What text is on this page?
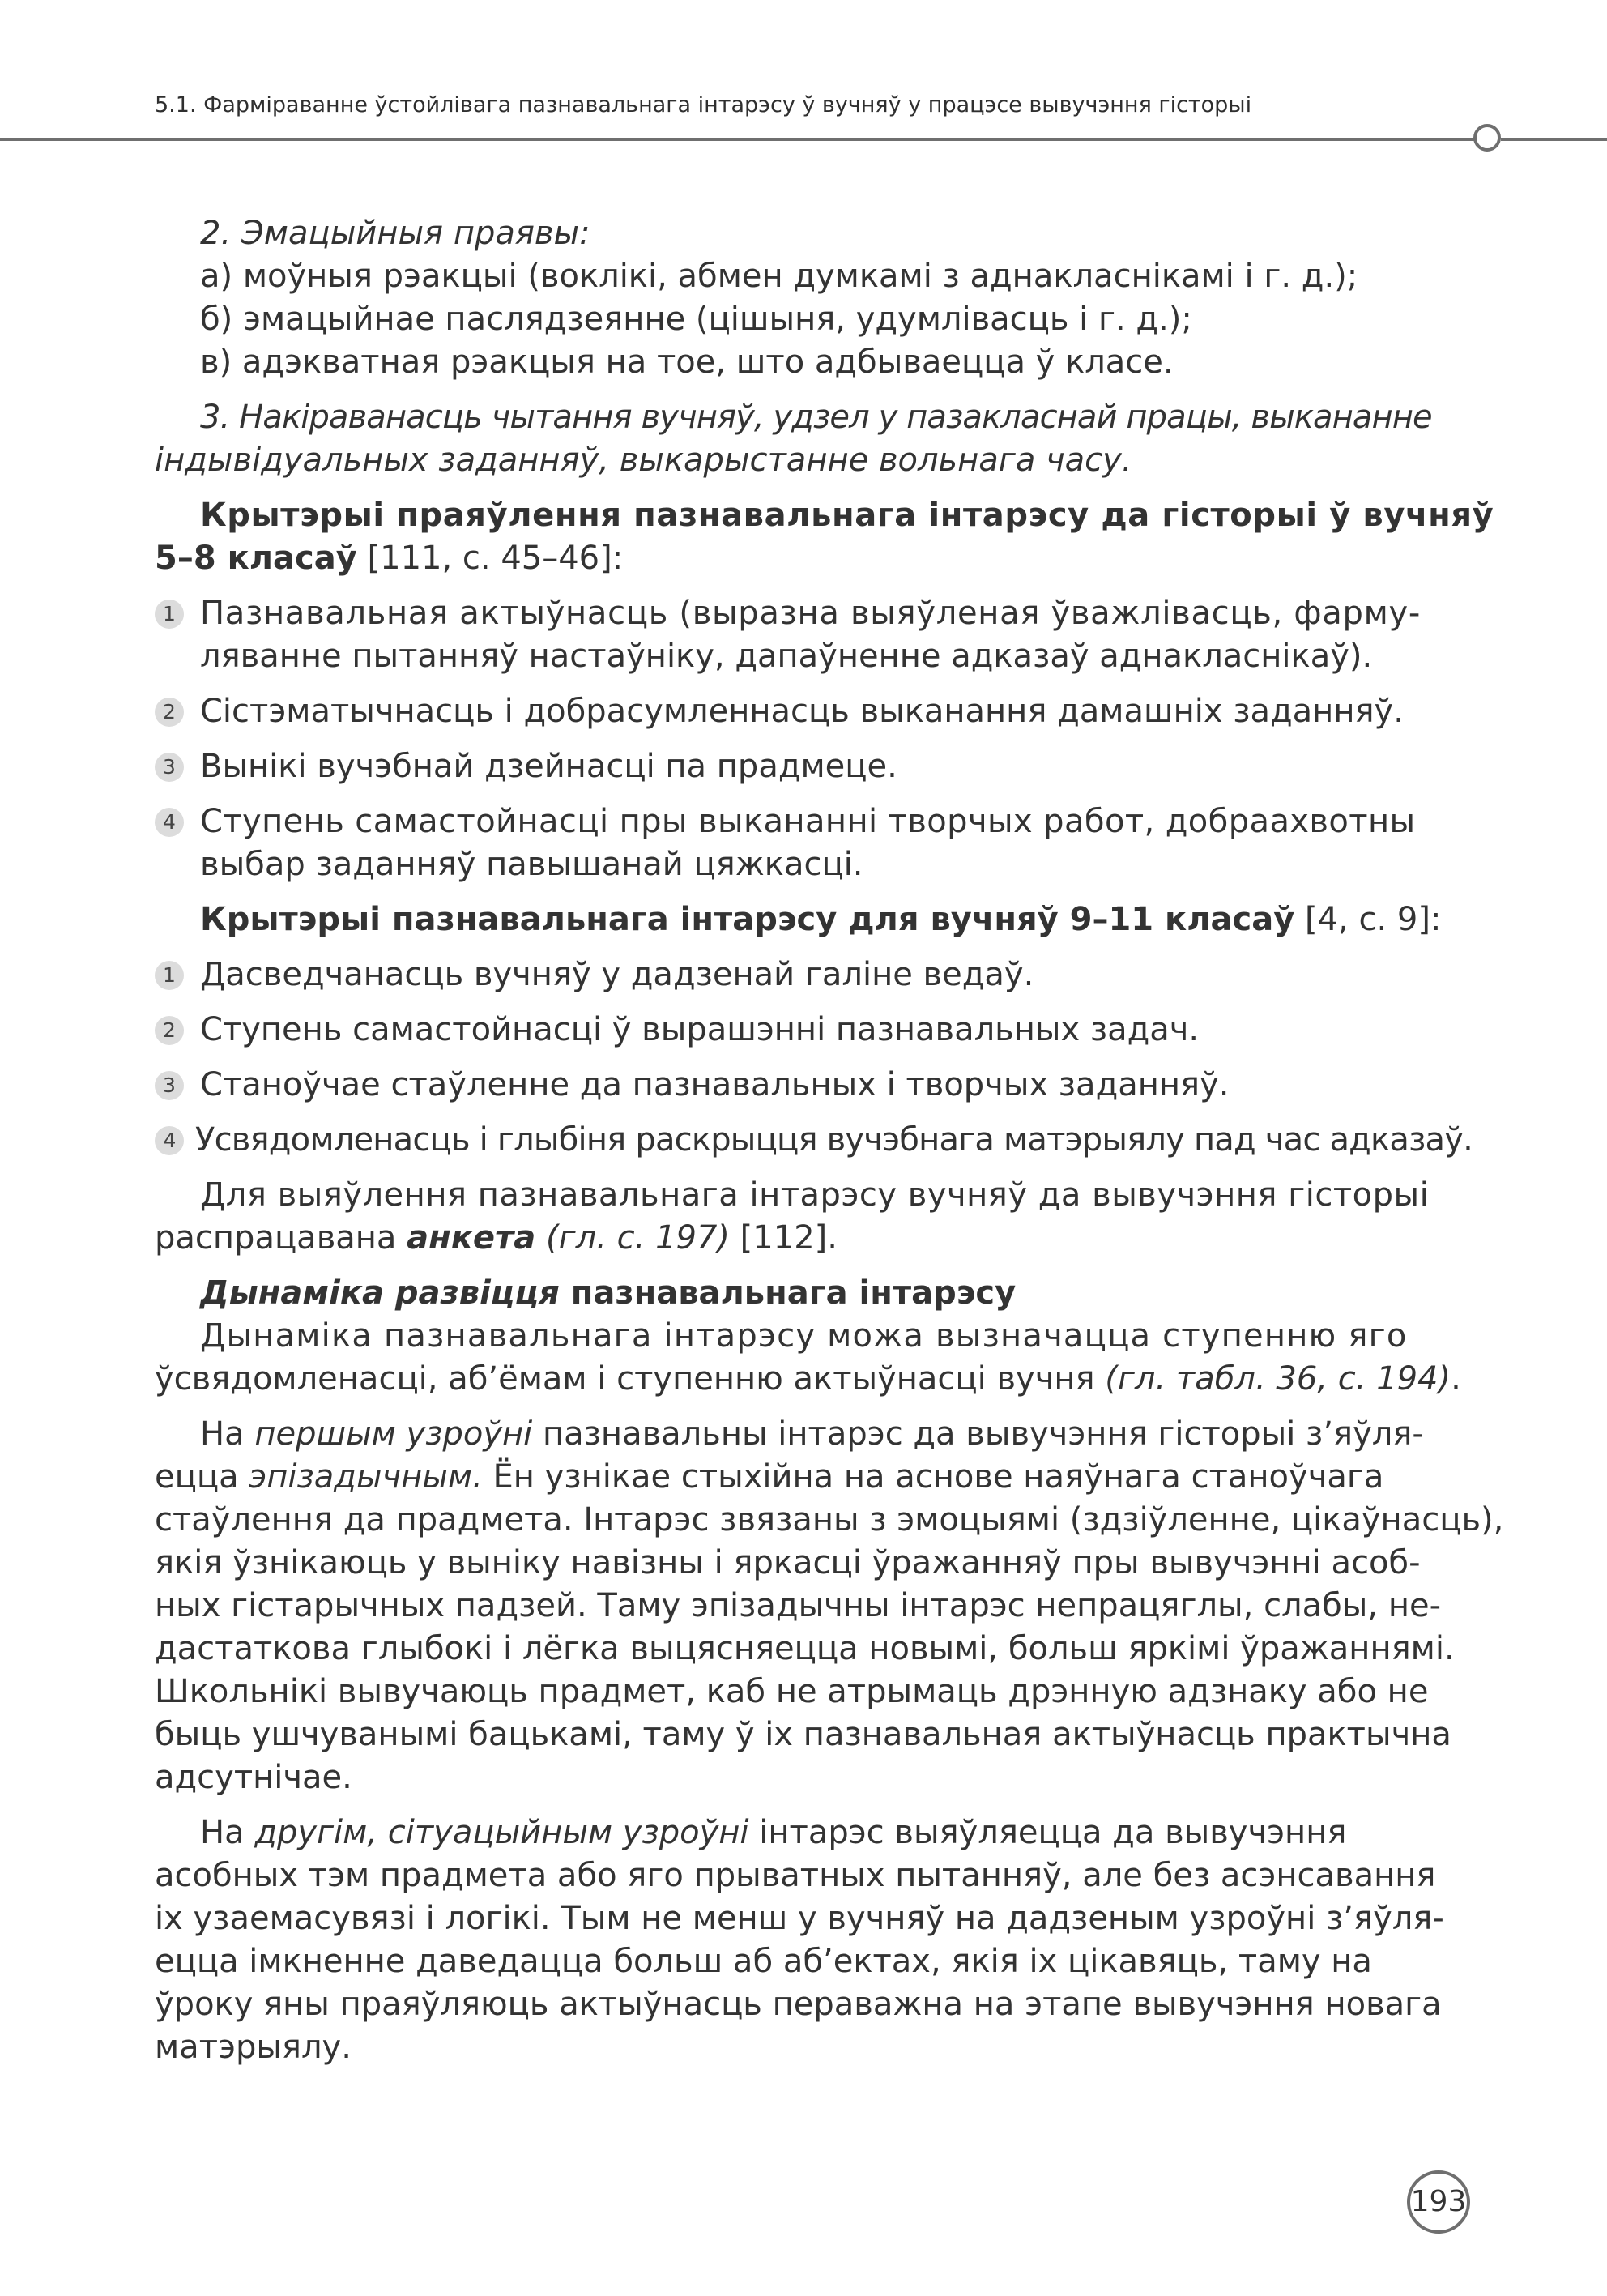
5.1. Фарміраванне ўстойлівага пазнавальнага інтарэсу ў вучняў у працэсе вывучэння гісторыі

2. Эмацыйныя праявы:

а) моўныя рэакцыі (воклікі, абмен думкамі з аднакласнікамі і г. д.);

б) эмацыйнае паслядзеянне (цішыня, удумлівасць і г. д.);

в) адэкватная рэакцыя на тое, што адбываецца ў класе.

3. Накіраванасць чытання вучняў, удзел у пазакласнай працы, выкананне
індывідуальных заданняў, выкарыстанне вольнага часу.

Крытэрыі праяўлення пазнавальнага інтарэсу да гісторыі ў вучняў
5–8 класаў [111, с. 45–46]:

1 Пазнавальная актыўнасць (выразна выяўленая ўважлівасць, фарму-
ляванне пытанняў настаўніку, дапаўненне адказаў аднакласнікаў).
2 Сістэматычнасць і добрасумленнасць выканання дамашніх заданняў.
3 Вынікі вучэбнай дзейнасці па прадмеце.
4 Ступень самастойнасці пры выкананні творчых работ, добраахвотны
выбар заданняў павышанай цяжкасці.

Крытэрыі пазнавальнага інтарэсу для вучняў 9–11 класаў [4, с. 9]:

1 Дасведчанасць вучняў у дадзенай галіне ведаў.
2 Ступень самастойнасці ў вырашэнні пазнавальных задач.
3 Станоўчае стаўленне да пазнавальных і творчых заданняў.
4 Усвядомленасць і глыбіня раскрыцця вучэбнага матэрыялу пад час адказаў.

Для выяўлення пазнавальнага інтарэсу вучняў да вывучэння гісторыі
распрацавана анкета (гл. с. 197) [112].

Дынаміка развіцця пазнавальнага інтарэсу

Дынаміка пазнавальнага інтарэсу можа вызначацца ступенню яго
ўсвядомленасці, аб’ёмам і ступенню актыўнасці вучня (гл. табл. 36, с. 194).

На першым узроўні пазнавальны інтарэс да вывучэння гісторыі з’яўля-
ецца эпізадычным. Ён узнікае стыхійна на аснове наяўнага станоўчага
стаўлення да прадмета. Інтарэс звязаны з эмоцыямі (здзіўленне, цікаўнасць),
якія ўзнікаюць у выніку навізны і яркасці ўражанняў пры вывучэнні асоб-
ных гістарычных падзей. Таму эпізадычны інтарэс непрацяглы, слабы, не-
дастаткова глыбокі і лёгка выцясняецца новымі, больш яркімі ўражаннямі.
Школьнікі вывучаюць прадмет, каб не атрымаць дрэнную адзнаку або не
быць ушчуванымі бацькамі, таму ў іх пазнавальная актыўнасць практычна
адсутнічае.

На другім, сітуацыйным узроўні інтарэс выяўляецца да вывучэння
асобных тэм прадмета або яго прыватных пытанняў, але без асэнсавання
іх узаемасувязі і логікі. Тым не менш у вучняў на дадзеным узроўні з’яўля-
ецца імкненне даведацца больш аб аб’ектах, якія іх цікавяць, таму на
ўроку яны праяўляюць актыўнасць пераважна на этапе вывучэння новага
матэрыялу.

193
